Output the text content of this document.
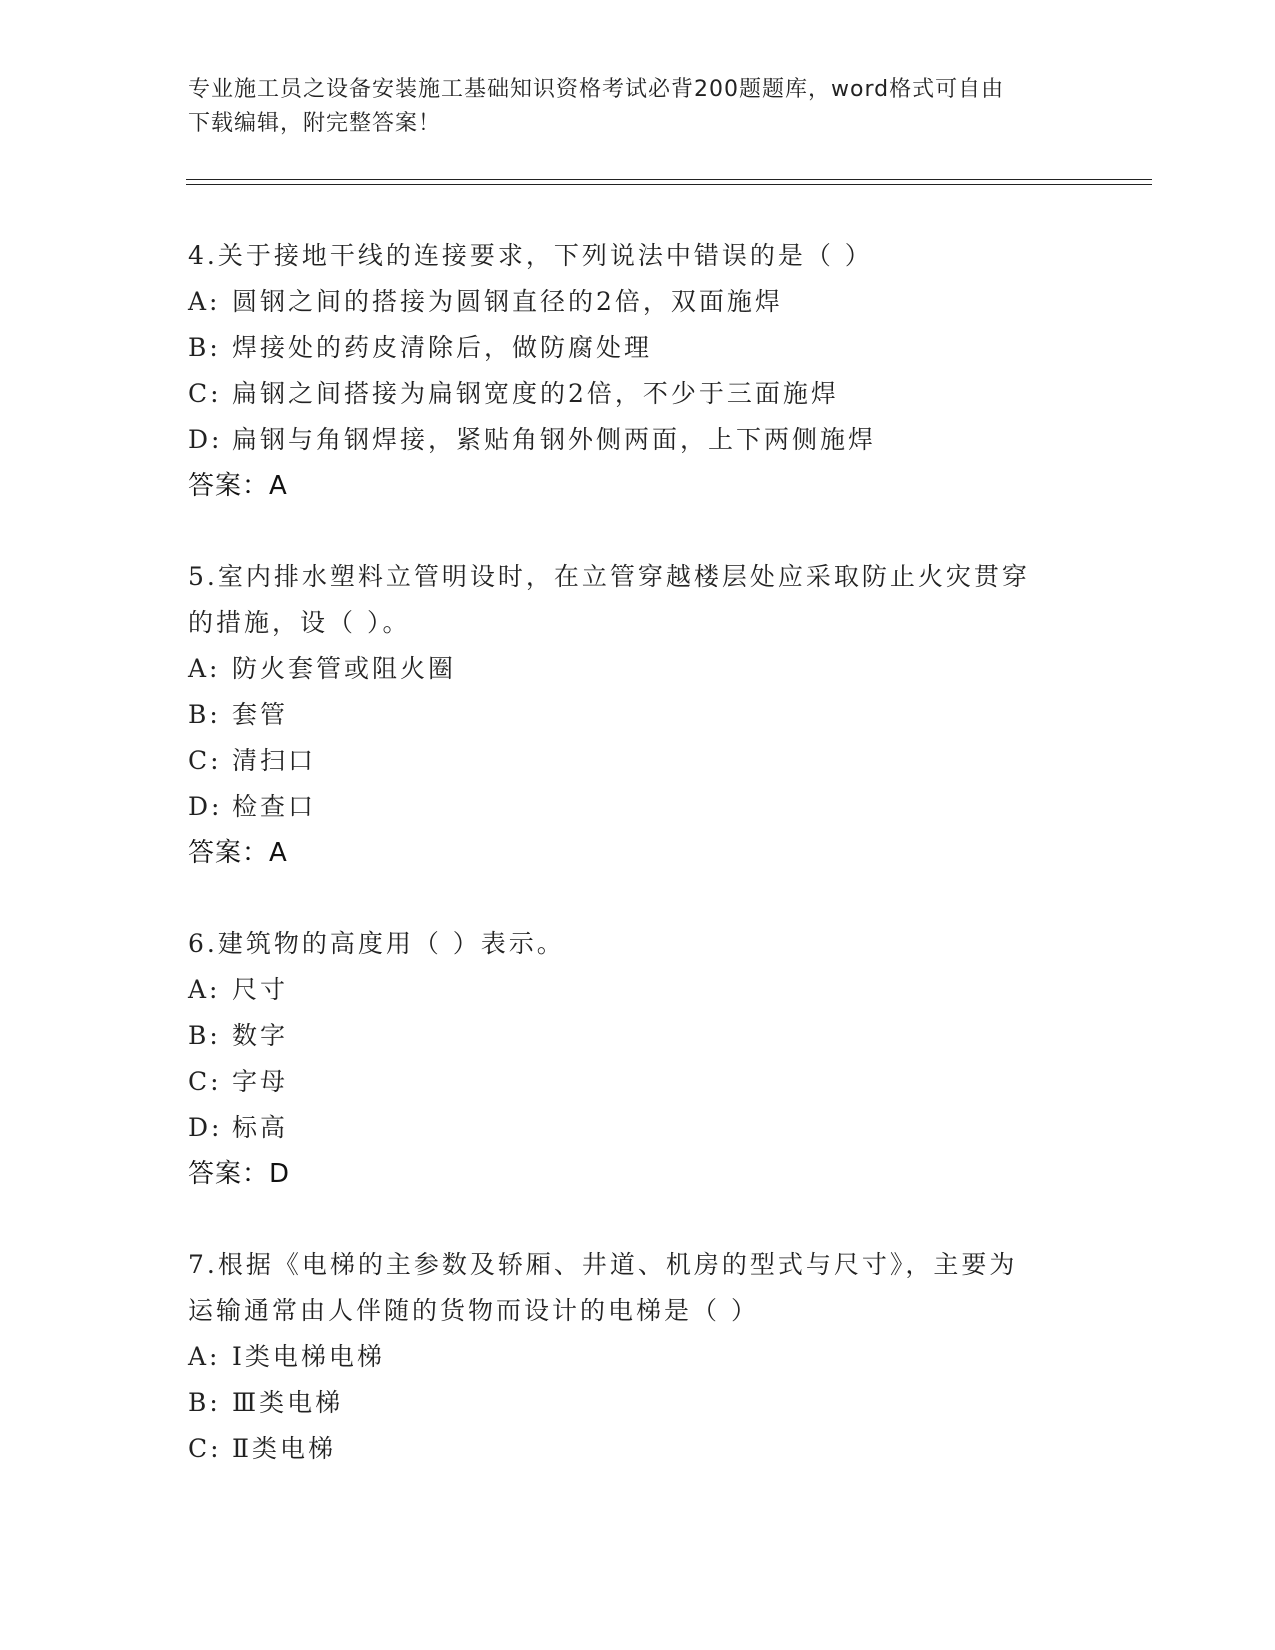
专业施工员之设备安装施工基础知识资格考试必背200题题库，word格式可自由
下载编辑，附完整答案！
4.关于接地干线的连接要求，下列说法中错误的是（ ）
A: 圆钢之间的搭接为圆钢直径的2倍，双面施焊
B: 焊接处的药皮清除后，做防腐处理
C: 扁钢之间搭接为扁钢宽度的2倍，不少于三面施焊
D: 扁钢与角钢焊接，紧贴角钢外侧两面，上下两侧施焊
答案：A
5.室内排水塑料立管明设时，在立管穿越楼层处应采取防止火灾贯穿
的措施，设（ ）。
A: 防火套管或阻火圈
B: 套管
C: 清扫口
D: 检查口
答案：A
6.建筑物的高度用（ ）表示。
A: 尺寸
B: 数字
C: 字母
D: 标高
答案：D
7.根据《电梯的主参数及轿厢、井道、机房的型式与尺寸》，主要为
运输通常由人伴随的货物而设计的电梯是（ ）
A: Ⅰ类电梯电梯
B: Ⅲ类电梯
C: Ⅱ类电梯
